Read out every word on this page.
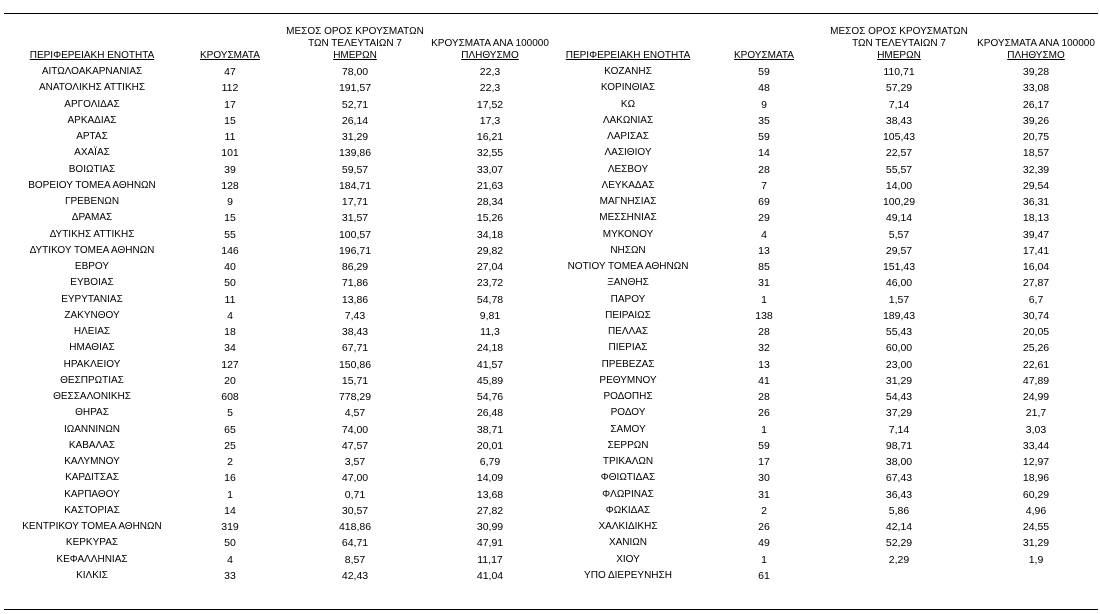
ΠΕΡΙΦΕΡΕΙΑΚΗ ΕΝΟΤΗΤΑ	ΚΡΟΥΣΜΑΤΑ	ΜΕΣΟΣ ΟΡΟΣ ΚΡΟΥΣΜΑΤΩΝ
ΤΩΝ ΤΕΛΕΥΤΑΙΩΝ 7
ΗΜΕΡΩΝ	ΚΡΟΥΣΜΑΤΑ ΑΝΑ 100000
ΠΛΗΘΥΣΜΟ
ΑΙΤΩΛΟΑΚΑΡΝΑΝΙΑΣ	47	78,00	22,3
ΑΝΑΤΟΛΙΚΗΣ ΑΤΤΙΚΗΣ	112	191,57	22,3
ΑΡΓΟΛΙΔΑΣ	17	52,71	17,52
ΑΡΚΑΔΙΑΣ	15	26,14	17,3
ΑΡΤΑΣ	11	31,29	16,21
ΑΧΑΪΑΣ	101	139,86	32,55
ΒΟΙΩΤΙΑΣ	39	59,57	33,07
ΒΟΡΕΙΟΥ ΤΟΜΕΑ ΑΘΗΝΩΝ	128	184,71	21,63
ΓΡΕΒΕΝΩΝ	9	17,71	28,34
ΔΡΑΜΑΣ	15	31,57	15,26
ΔΥΤΙΚΗΣ ΑΤΤΙΚΗΣ	55	100,57	34,18
ΔΥΤΙΚΟΥ ΤΟΜΕΑ ΑΘΗΝΩΝ	146	196,71	29,82
ΕΒΡΟΥ	40	86,29	27,04
ΕΥΒΟΙΑΣ	50	71,86	23,72
ΕΥΡΥΤΑΝΙΑΣ	11	13,86	54,78
ΖΑΚΥΝΘΟΥ	4	7,43	9,81
ΗΛΕΙΑΣ	18	38,43	11,3
ΗΜΑΘΙΑΣ	34	67,71	24,18
ΗΡΑΚΛΕΙΟΥ	127	150,86	41,57
ΘΕΣΠΡΩΤΙΑΣ	20	15,71	45,89
ΘΕΣΣΑΛΟΝΙΚΗΣ	608	778,29	54,76
ΘΗΡΑΣ	5	4,57	26,48
ΙΩΑΝΝΙΝΩΝ	65	74,00	38,71
ΚΑΒΑΛΑΣ	25	47,57	20,01
ΚΑΛΥΜΝΟΥ	2	3,57	6,79
ΚΑΡΔΙΤΣΑΣ	16	47,00	14,09
ΚΑΡΠΑΘΟΥ	1	0,71	13,68
ΚΑΣΤΟΡΙΑΣ	14	30,57	27,82
ΚΕΝΤΡΙΚΟΥ ΤΟΜΕΑ ΑΘΗΝΩΝ	319	418,86	30,99
ΚΕΡΚΥΡΑΣ	50	64,71	47,91
ΚΕΦΑΛΛΗΝΙΑΣ	4	8,57	11,17
ΚΙΛΚΙΣ	33	42,43	41,04
ΠΕΡΙΦΕΡΕΙΑΚΗ ΕΝΟΤΗΤΑ	ΚΡΟΥΣΜΑΤΑ	ΜΕΣΟΣ ΟΡΟΣ ΚΡΟΥΣΜΑΤΩΝ
ΤΩΝ ΤΕΛΕΥΤΑΙΩΝ 7
ΗΜΕΡΩΝ	ΚΡΟΥΣΜΑΤΑ ΑΝΑ 100000
ΠΛΗΘΥΣΜΟ
ΚΟΖΑΝΗΣ	59	110,71	39,28
ΚΟΡΙΝΘΙΑΣ	48	57,29	33,08
ΚΩ	9	7,14	26,17
ΛΑΚΩΝΙΑΣ	35	38,43	39,26
ΛΑΡΙΣΑΣ	59	105,43	20,75
ΛΑΣΙΘΙΟΥ	14	22,57	18,57
ΛΕΣΒΟΥ	28	55,57	32,39
ΛΕΥΚΑΔΑΣ	7	14,00	29,54
ΜΑΓΝΗΣΙΑΣ	69	100,29	36,31
ΜΕΣΣΗΝΙΑΣ	29	49,14	18,13
ΜΥΚΟΝΟΥ	4	5,57	39,47
ΝΗΣΩΝ	13	29,57	17,41
ΝΟΤΙΟΥ ΤΟΜΕΑ ΑΘΗΝΩΝ	85	151,43	16,04
ΞΑΝΘΗΣ	31	46,00	27,87
ΠΑΡΟΥ	1	1,57	6,7
ΠΕΙΡΑΙΩΣ	138	189,43	30,74
ΠΕΛΛΑΣ	28	55,43	20,05
ΠΙΕΡΙΑΣ	32	60,00	25,26
ΠΡΕΒΕΖΑΣ	13	23,00	22,61
ΡΕΘΥΜΝΟΥ	41	31,29	47,89
ΡΟΔΟΠΗΣ	28	54,43	24,99
ΡΟΔΟΥ	26	37,29	21,7
ΣΑΜΟΥ	1	7,14	3,03
ΣΕΡΡΩΝ	59	98,71	33,44
ΤΡΙΚΑΛΩΝ	17	38,00	12,97
ΦΘΙΩΤΙΔΑΣ	30	67,43	18,96
ΦΛΩΡΙΝΑΣ	31	36,43	60,29
ΦΩΚΙΔΑΣ	2	5,86	4,96
ΧΑΛΚΙΔΙΚΗΣ	26	42,14	24,55
ΧΑΝΙΩΝ	49	52,29	31,29
ΧΙΟΥ	1	2,29	1,9
ΥΠΟ ΔΙΕΡΕΥΝΗΣΗ	61		
